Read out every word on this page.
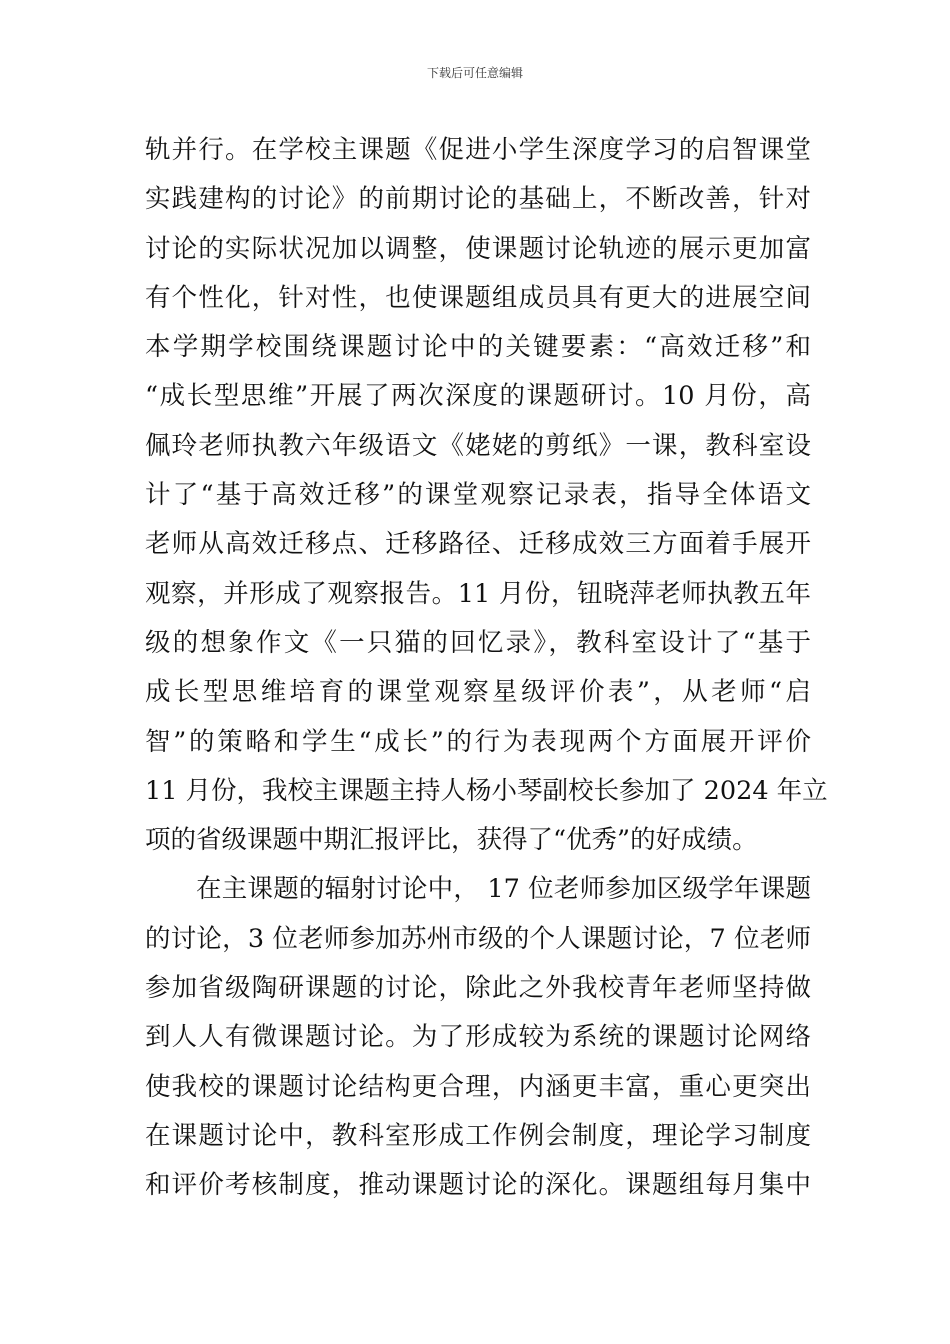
下载后可任意编辑
轨并行。在学校主课题《促进小学生深度学习的启智课堂
实践建构的讨论》的前期讨论的基础上，不断改善，针对
讨论的实际状况加以调整，使课题讨论轨迹的展示更加富
有个性化，针对性，也使课题组成员具有更大的进展空间
本学期学校围绕课题讨论中的关键要素：“高效迁移”和
“成长型思维”开展了两次深度的课题研讨。10 月份，高
佩玲老师执教六年级语文《姥姥的剪纸》一课，教科室设
计了“基于高效迁移”的课堂观察记录表，指导全体语文
老师从高效迁移点、迁移路径、迁移成效三方面着手展开
观察，并形成了观察报告。11 月份，钮晓萍老师执教五年
级的想象作文《一只猫的回忆录》，教科室设计了“基于
成长型思维培育的课堂观察星级评价表”，从老师“启
智”的策略和学生“成长”的行为表现两个方面展开评价
11 月份，我校主课题主持人杨小琴副校长参加了 2024 年立
项的省级课题中期汇报评比，获得了“优秀”的好成绩。
在主课题的辐射讨论中， 17 位老师参加区级学年课题
的讨论，3 位老师参加苏州市级的个人课题讨论，7 位老师
参加省级陶研课题的讨论，除此之外我校青年老师坚持做
到人人有微课题讨论。为了形成较为系统的课题讨论网络
使我校的课题讨论结构更合理，内涵更丰富，重心更突出
在课题讨论中，教科室形成工作例会制度，理论学习制度
和评价考核制度，推动课题讨论的深化。课题组每月集中
